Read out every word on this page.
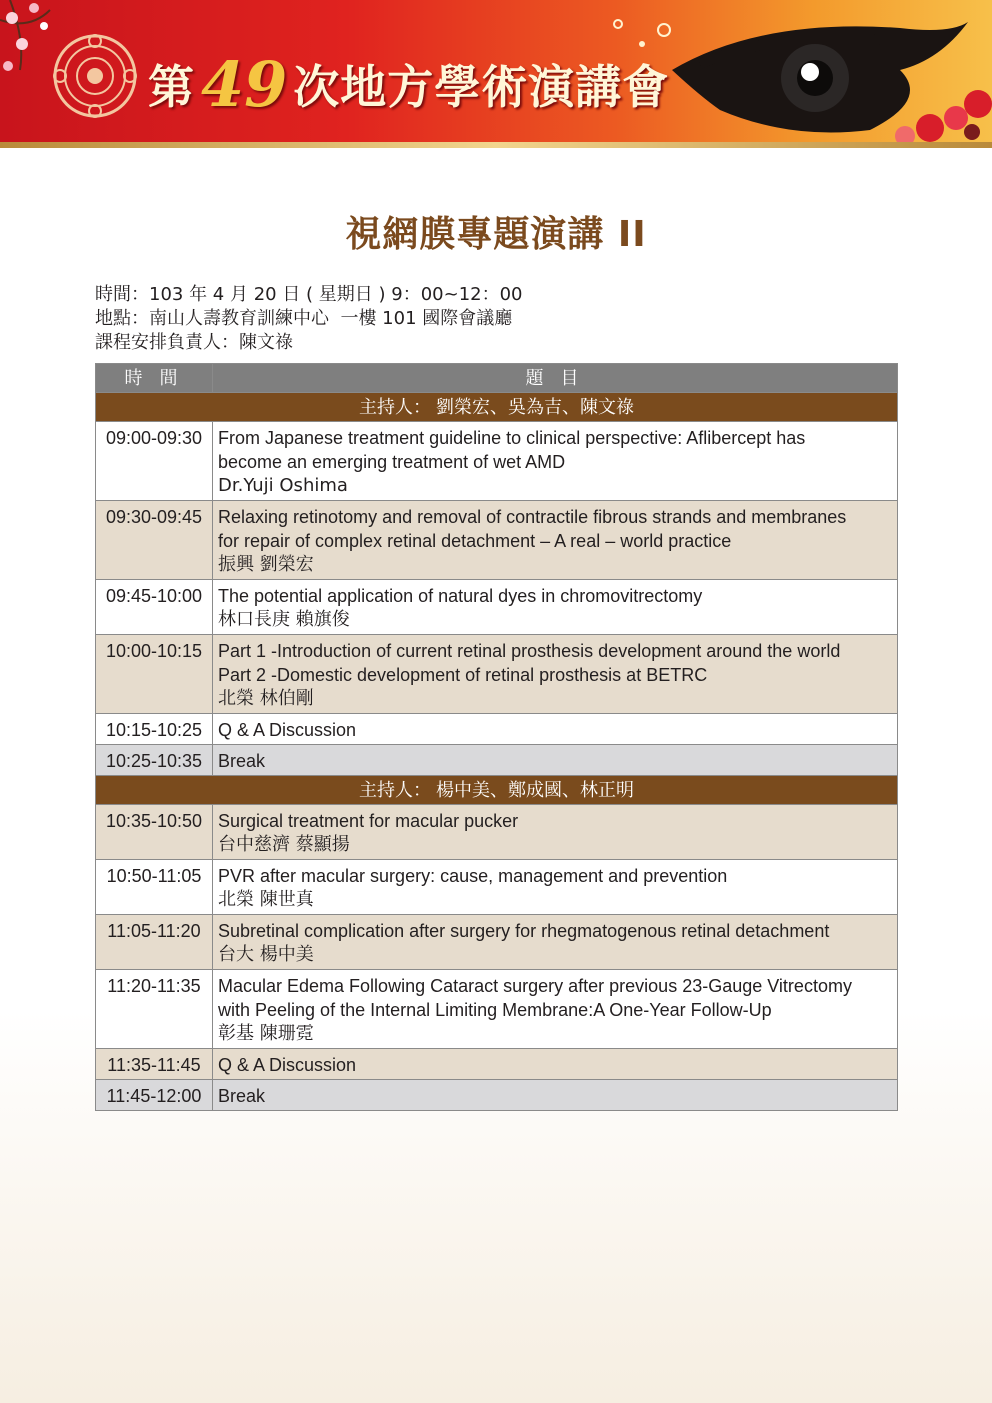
第 49 次地方學術演講會
視網膜專題演講 II
時間：103 年 4 月 20 日 ( 星期日 ) 9：00~12：00
地點：南山人壽教育訓練中心  一樓 101 國際會議廳
課程安排負責人：陳文祿
時 間	題 目
主持人： 劉榮宏、吳為吉、陳文祿	
09:00-09:30	From Japanese treatment guideline to clinical perspective: Aflibercept has
become an emerging treatment of wet AMD
Dr.Yuji Oshima

09:30-09:45	Relaxing retinotomy and removal of contractile fibrous strands and membranes
for repair of complex retinal detachment – A real – world practice
振興 劉榮宏

09:45-10:00	The potential application of natural dyes in chromovitrectomy
林口長庚 賴旗俊

10:00-10:15	Part 1 -Introduction of current retinal prosthesis development around the world
Part 2 -Domestic development of retinal prosthesis at BETRC
北榮 林伯剛

10:15-10:25	Q & A Discussion

10:25-10:35	Break

主持人： 楊中美、鄭成國、林正明	
10:35-10:50	Surgical treatment for macular pucker
台中慈濟 蔡顯揚

10:50-11:05	PVR after macular surgery: cause, management and prevention
北榮 陳世真

11:05-11:20	Subretinal complication after surgery for rhegmatogenous retinal detachment
台大 楊中美

11:20-11:35	Macular Edema Following Cataract surgery after previous 23-Gauge Vitrectomy
with Peeling of the Internal Limiting Membrane:A One-Year Follow-Up
彰基 陳珊霓

11:35-11:45	Q & A Discussion

11:45-12:00	Break
